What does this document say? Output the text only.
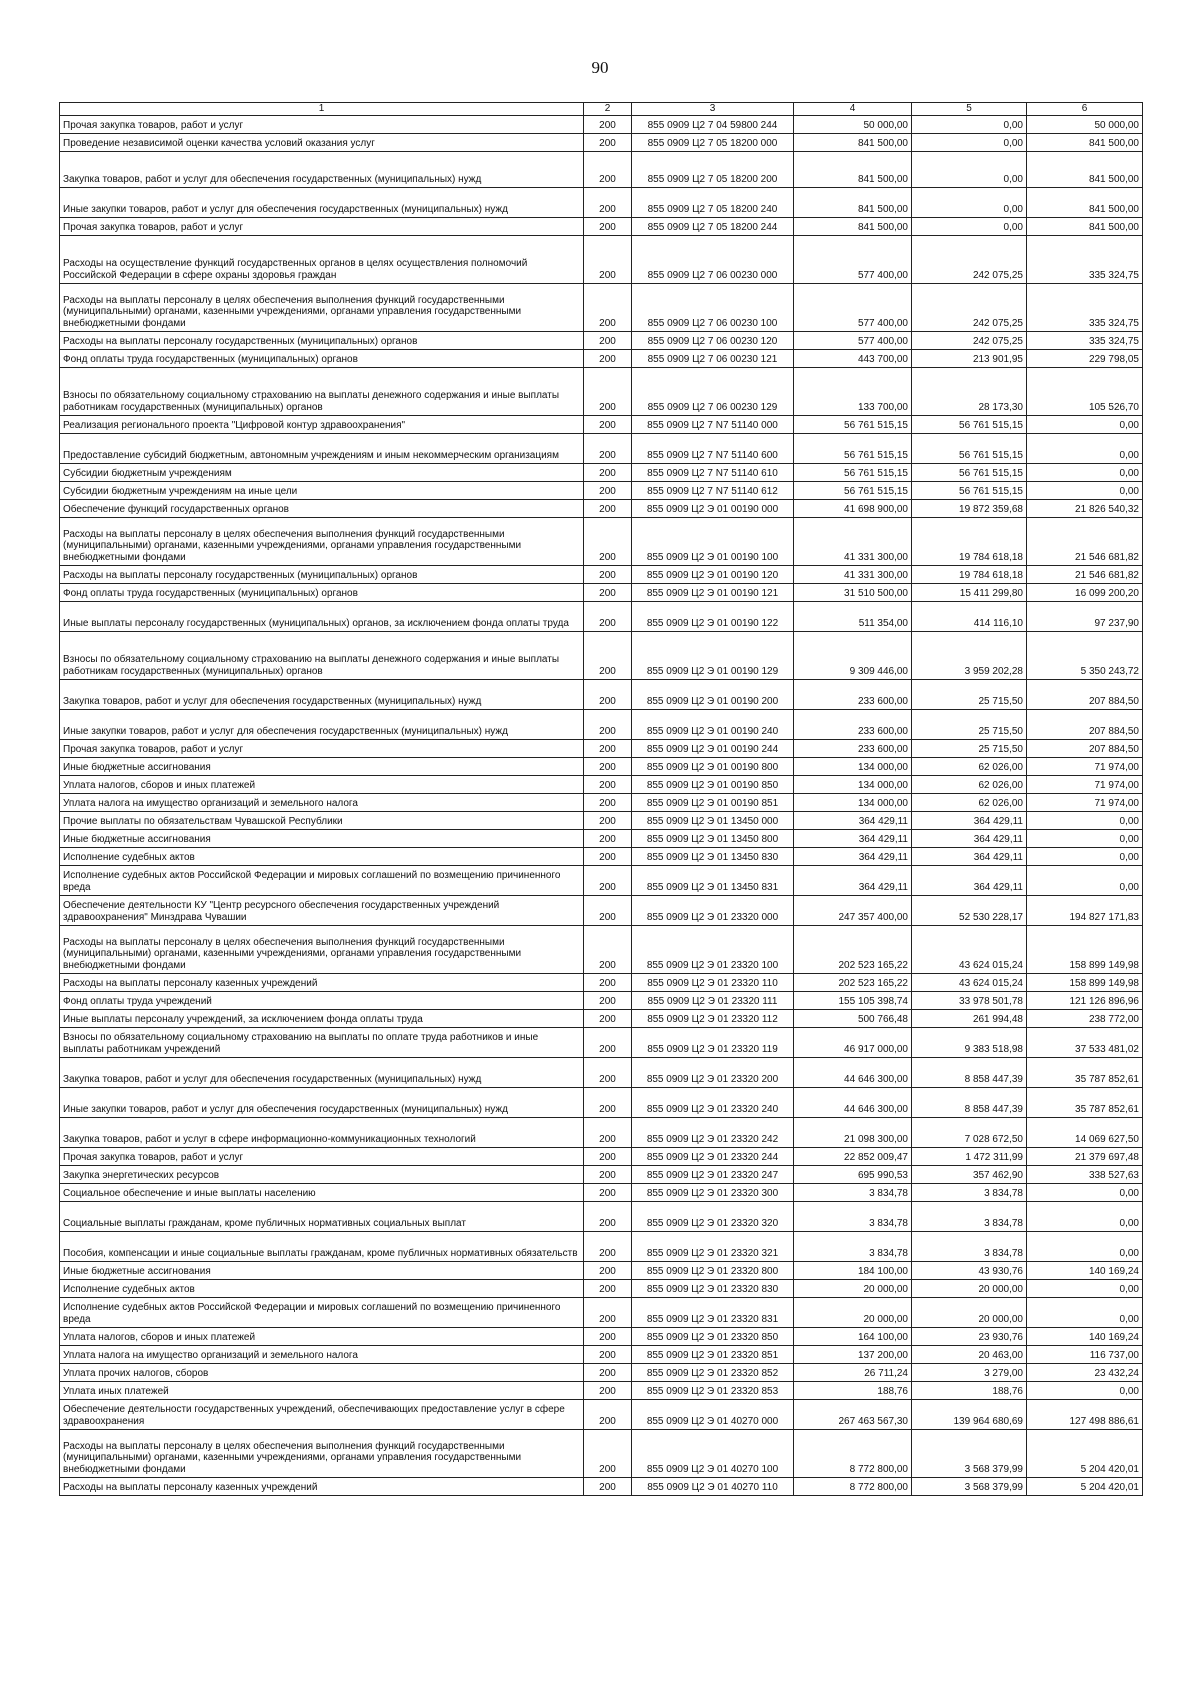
90
1	2	3	4	5	6
Прочая закупка товаров, работ и услуг	200	855 0909 Ц2 7 04 59800 244	50 000,00	0,00	50 000,00
Проведение независимой оценки качества условий оказания услуг	200	855 0909 Ц2 7 05 18200 000	841 500,00	0,00	841 500,00
Закупка товаров, работ и услуг для обеспечения государственных (муниципальных) нужд	200	855 0909 Ц2 7 05 18200 200	841 500,00	0,00	841 500,00
Иные закупки товаров, работ и услуг для обеспечения государственных (муниципальных) нужд	200	855 0909 Ц2 7 05 18200 240	841 500,00	0,00	841 500,00
Прочая закупка товаров, работ и услуг	200	855 0909 Ц2 7 05 18200 244	841 500,00	0,00	841 500,00
Расходы на осуществление функций государственных органов в целях осуществления полномочий Российской Федерации в сфере охраны здоровья граждан	200	855 0909 Ц2 7 06 00230 000	577 400,00	242 075,25	335 324,75
Расходы на выплаты персоналу в целях обеспечения выполнения функций государственными (муниципальными) органами, казенными учреждениями, органами управления государственными внебюджетными фондами	200	855 0909 Ц2 7 06 00230 100	577 400,00	242 075,25	335 324,75
Расходы на выплаты персоналу государственных (муниципальных) органов	200	855 0909 Ц2 7 06 00230 120	577 400,00	242 075,25	335 324,75
Фонд оплаты труда государственных (муниципальных) органов	200	855 0909 Ц2 7 06 00230 121	443 700,00	213 901,95	229 798,05
Взносы по обязательному социальному страхованию на выплаты денежного содержания и иные выплаты работникам государственных (муниципальных) органов	200	855 0909 Ц2 7 06 00230 129	133 700,00	28 173,30	105 526,70
Реализация регионального проекта "Цифровой контур здравоохранения"	200	855 0909 Ц2 7 N7 51140 000	56 761 515,15	56 761 515,15	0,00
Предоставление субсидий бюджетным, автономным учреждениям и иным некоммерческим организациям	200	855 0909 Ц2 7 N7 51140 600	56 761 515,15	56 761 515,15	0,00
Субсидии бюджетным учреждениям	200	855 0909 Ц2 7 N7 51140 610	56 761 515,15	56 761 515,15	0,00
Субсидии бюджетным учреждениям на иные цели	200	855 0909 Ц2 7 N7 51140 612	56 761 515,15	56 761 515,15	0,00
Обеспечение функций государственных органов	200	855 0909 Ц2 Э 01 00190 000	41 698 900,00	19 872 359,68	21 826 540,32
Расходы на выплаты персоналу в целях обеспечения выполнения функций государственными (муниципальными) органами, казенными учреждениями, органами управления государственными внебюджетными фондами	200	855 0909 Ц2 Э 01 00190 100	41 331 300,00	19 784 618,18	21 546 681,82
Расходы на выплаты персоналу государственных (муниципальных) органов	200	855 0909 Ц2 Э 01 00190 120	41 331 300,00	19 784 618,18	21 546 681,82
Фонд оплаты труда государственных (муниципальных) органов	200	855 0909 Ц2 Э 01 00190 121	31 510 500,00	15 411 299,80	16 099 200,20
Иные выплаты персоналу государственных (муниципальных) органов, за исключением фонда оплаты труда	200	855 0909 Ц2 Э 01 00190 122	511 354,00	414 116,10	97 237,90
Взносы по обязательному социальному страхованию на выплаты денежного содержания и иные выплаты работникам государственных (муниципальных) органов	200	855 0909 Ц2 Э 01 00190 129	9 309 446,00	3 959 202,28	5 350 243,72
Закупка товаров, работ и услуг для обеспечения государственных (муниципальных) нужд	200	855 0909 Ц2 Э 01 00190 200	233 600,00	25 715,50	207 884,50
Иные закупки товаров, работ и услуг для обеспечения государственных (муниципальных) нужд	200	855 0909 Ц2 Э 01 00190 240	233 600,00	25 715,50	207 884,50
Прочая закупка товаров, работ и услуг	200	855 0909 Ц2 Э 01 00190 244	233 600,00	25 715,50	207 884,50
Иные бюджетные ассигнования	200	855 0909 Ц2 Э 01 00190 800	134 000,00	62 026,00	71 974,00
Уплата налогов, сборов и иных платежей	200	855 0909 Ц2 Э 01 00190 850	134 000,00	62 026,00	71 974,00
Уплата налога на имущество организаций и земельного налога	200	855 0909 Ц2 Э 01 00190 851	134 000,00	62 026,00	71 974,00
Прочие выплаты по обязательствам Чувашской Республики	200	855 0909 Ц2 Э 01 13450 000	364 429,11	364 429,11	0,00
Иные бюджетные ассигнования	200	855 0909 Ц2 Э 01 13450 800	364 429,11	364 429,11	0,00
Исполнение судебных актов	200	855 0909 Ц2 Э 01 13450 830	364 429,11	364 429,11	0,00
Исполнение судебных актов Российской Федерации и мировых соглашений по возмещению причиненного вреда	200	855 0909 Ц2 Э 01 13450 831	364 429,11	364 429,11	0,00
Обеспечение деятельности КУ "Центр ресурсного обеспечения государственных учреждений здравоохранения" Минздрава Чувашии	200	855 0909 Ц2 Э 01 23320 000	247 357 400,00	52 530 228,17	194 827 171,83
Расходы на выплаты персоналу в целях обеспечения выполнения функций государственными (муниципальными) органами, казенными учреждениями, органами управления государственными внебюджетными фондами	200	855 0909 Ц2 Э 01 23320 100	202 523 165,22	43 624 015,24	158 899 149,98
Расходы на выплаты персоналу казенных учреждений	200	855 0909 Ц2 Э 01 23320 110	202 523 165,22	43 624 015,24	158 899 149,98
Фонд оплаты труда учреждений	200	855 0909 Ц2 Э 01 23320 111	155 105 398,74	33 978 501,78	121 126 896,96
Иные выплаты персоналу учреждений, за исключением фонда оплаты труда	200	855 0909 Ц2 Э 01 23320 112	500 766,48	261 994,48	238 772,00
Взносы по обязательному социальному страхованию на выплаты по оплате труда работников и иные выплаты работникам учреждений	200	855 0909 Ц2 Э 01 23320 119	46 917 000,00	9 383 518,98	37 533 481,02
Закупка товаров, работ и услуг для обеспечения государственных (муниципальных) нужд	200	855 0909 Ц2 Э 01 23320 200	44 646 300,00	8 858 447,39	35 787 852,61
Иные закупки товаров, работ и услуг для обеспечения государственных (муниципальных) нужд	200	855 0909 Ц2 Э 01 23320 240	44 646 300,00	8 858 447,39	35 787 852,61
Закупка товаров, работ и услуг в сфере информационно-коммуникационных технологий	200	855 0909 Ц2 Э 01 23320 242	21 098 300,00	7 028 672,50	14 069 627,50
Прочая закупка товаров, работ и услуг	200	855 0909 Ц2 Э 01 23320 244	22 852 009,47	1 472 311,99	21 379 697,48
Закупка энергетических ресурсов	200	855 0909 Ц2 Э 01 23320 247	695 990,53	357 462,90	338 527,63
Социальное обеспечение и иные выплаты населению	200	855 0909 Ц2 Э 01 23320 300	3 834,78	3 834,78	0,00
Социальные выплаты гражданам, кроме публичных нормативных социальных выплат	200	855 0909 Ц2 Э 01 23320 320	3 834,78	3 834,78	0,00
Пособия, компенсации и иные социальные выплаты гражданам, кроме публичных нормативных обязательств	200	855 0909 Ц2 Э 01 23320 321	3 834,78	3 834,78	0,00
Иные бюджетные ассигнования	200	855 0909 Ц2 Э 01 23320 800	184 100,00	43 930,76	140 169,24
Исполнение судебных актов	200	855 0909 Ц2 Э 01 23320 830	20 000,00	20 000,00	0,00
Исполнение судебных актов Российской Федерации и мировых соглашений по возмещению причиненного вреда	200	855 0909 Ц2 Э 01 23320 831	20 000,00	20 000,00	0,00
Уплата налогов, сборов и иных платежей	200	855 0909 Ц2 Э 01 23320 850	164 100,00	23 930,76	140 169,24
Уплата налога на имущество организаций и земельного налога	200	855 0909 Ц2 Э 01 23320 851	137 200,00	20 463,00	116 737,00
Уплата прочих налогов, сборов	200	855 0909 Ц2 Э 01 23320 852	26 711,24	3 279,00	23 432,24
Уплата иных платежей	200	855 0909 Ц2 Э 01 23320 853	188,76	188,76	0,00
Обеспечение деятельности государственных учреждений, обеспечивающих предоставление услуг в сфере здравоохранения	200	855 0909 Ц2 Э 01 40270 000	267 463 567,30	139 964 680,69	127 498 886,61
Расходы на выплаты персоналу в целях обеспечения выполнения функций государственными (муниципальными) органами, казенными учреждениями, органами управления государственными внебюджетными фондами	200	855 0909 Ц2 Э 01 40270 100	8 772 800,00	3 568 379,99	5 204 420,01
Расходы на выплаты персоналу казенных учреждений	200	855 0909 Ц2 Э 01 40270 110	8 772 800,00	3 568 379,99	5 204 420,01
